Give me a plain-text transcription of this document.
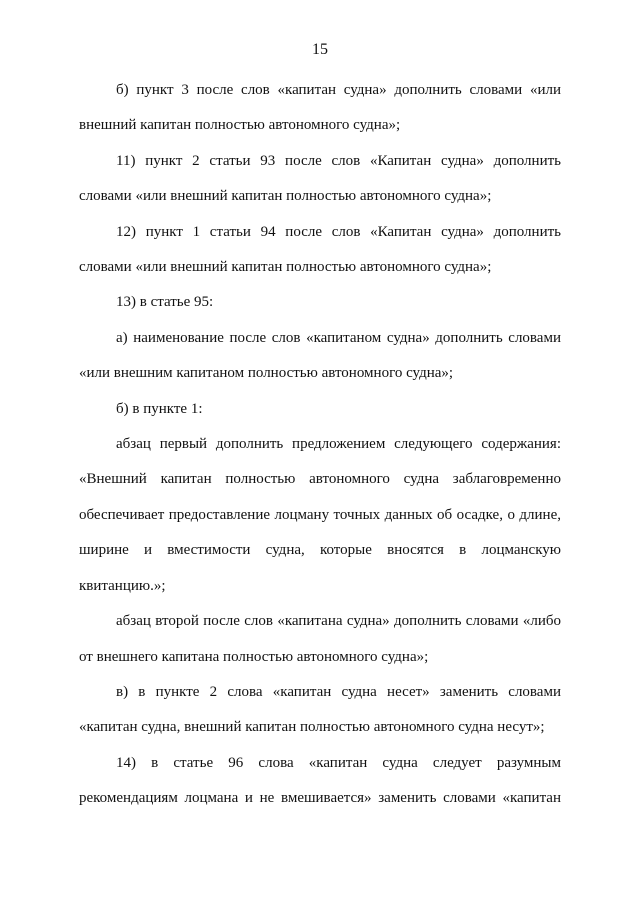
15
б) пункт 3 после слов «капитан судна» дополнить словами «или
внешний капитан полностью автономного судна»;
11) пункт 2 статьи 93 после слов «Капитан судна» дополнить
словами «или внешний капитан полностью автономного судна»;
12) пункт 1 статьи 94 после слов «Капитан судна» дополнить
словами «или внешний капитан полностью автономного судна»;
13) в статье 95:
а) наименование после слов «капитаном судна» дополнить словами
«или внешним капитаном полностью автономного судна»;
б) в пункте 1:
абзац первый дополнить предложением следующего содержания:
«Внешний капитан полностью автономного судна заблаговременно
обеспечивает предоставление лоцману точных данных об осадке, о длине,
ширине и вместимости судна, которые вносятся в лоцманскую
квитанцию.»;
абзац второй после слов «капитана судна» дополнить словами «либо
от внешнего капитана полностью автономного судна»;
в) в пункте 2 слова «капитан судна несет» заменить словами
«капитан судна, внешний капитан полностью автономного судна несут»;
14) в статье 96 слова «капитан судна следует разумным
рекомендациям лоцмана и не вмешивается» заменить словами «капитан
